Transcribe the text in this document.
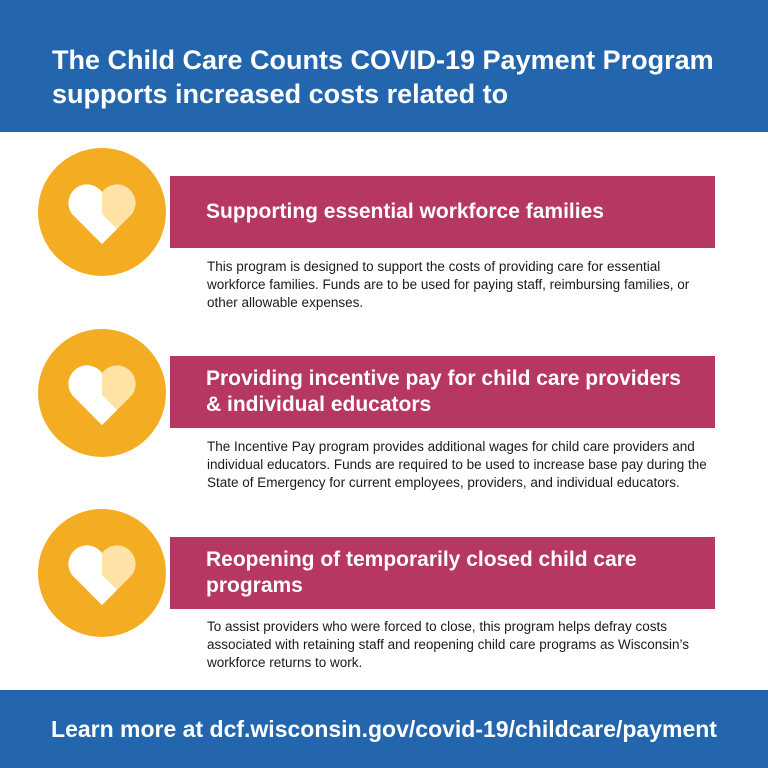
The Child Care Counts COVID-19 Payment Program supports increased costs related to
Supporting essential workforce families

This program is designed to support the costs of providing care for essential workforce families. Funds are to be used for paying staff, reimbursing families, or other allowable expenses.

Providing incentive pay for child care providers & individual educators

The Incentive Pay program provides additional wages for child care providers and individual educators. Funds are required to be used to increase base pay during the State of Emergency for current employees, providers, and individual educators.

Reopening of temporarily closed child care programs

To assist providers who were forced to close, this program helps defray costs associated with retaining staff and reopening child care programs as Wisconsin’s workforce returns to work.

Learn more at dcf.wisconsin.gov/covid-19/childcare/payment
